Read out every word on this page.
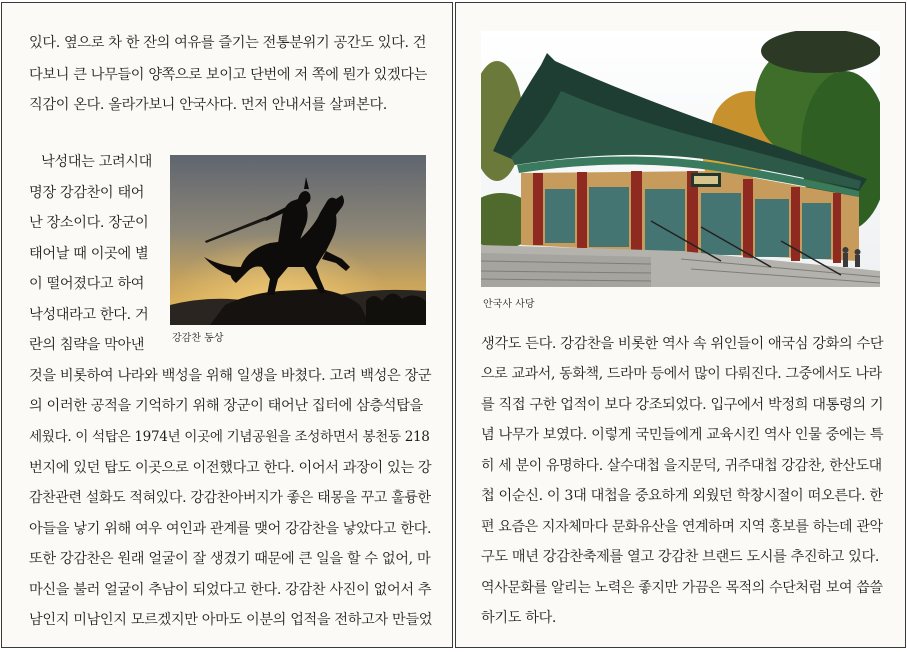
있다. 옆으로 차 한 잔의 여유를 즐기는 전통분위기 공간도 있다. 건
다보니 큰 나무들이 양쪽으로 보이고 단번에 저 쪽에 뭔가 있겠다는
직감이 온다. 올라가보니 안국사다. 먼저 안내서를 살펴본다.
낙성대는 고려시대
명장 강감찬이 태어
난 장소이다. 장군이
태어날 때 이곳에 별
이 떨어졌다고 하여
낙성대라고 한다. 거
란의 침략을 막아낸
것을 비롯하여 나라와 백성을 위해 일생을 바쳤다. 고려 백성은 장군
의 이러한 공적을 기억하기 위해 장군이 태어난 집터에 삼층석탑을
세웠다. 이 석탑은 1974년 이곳에 기념공원을 조성하면서 봉천동 218
번지에 있던 탑도 이곳으로 이전했다고 한다. 이어서 과장이 있는 강
감찬관련 설화도 적혀있다. 강감찬아버지가 좋은 태몽을 꾸고 훌륭한
아들을 낳기 위해 여우 여인과 관계를 맺어 강감찬을 낳았다고 한다.
또한 강감찬은 원래 얼굴이 잘 생겼기 때문에 큰 일을 할 수 없어, 마
마신을 불러 얼굴이 추남이 되었다고 한다. 강감찬 사진이 없어서 추
남인지 미남인지 모르겠지만 아마도 이분의 업적을 전하고자 만들었
강감찬 동상
안국사 사당
생각도 든다. 강감찬을 비롯한 역사 속 위인들이 애국심 강화의 수단
으로 교과서, 동화책, 드라마 등에서 많이 다뤄진다. 그중에서도 나라
를 직접 구한 업적이 보다 강조되었다. 입구에서 박정희 대통령의 기
념 나무가 보였다. 이렇게 국민들에게 교육시킨 역사 인물 중에는 특
히 세 분이 유명하다. 살수대첩 을지문덕, 귀주대첩 강감찬, 한산도대
첩 이순신. 이 3대 대첩을 중요하게 외웠던 학창시절이 떠오른다. 한
편 요즘은 지자체마다 문화유산을 연계하며 지역 홍보를 하는데 관악
구도 매년 강감찬축제를 열고 강감찬 브랜드 도시를 추진하고 있다.
역사문화를 알리는 노력은 좋지만 가끔은 목적의 수단처럼 보여 씁쓸
하기도 하다.
